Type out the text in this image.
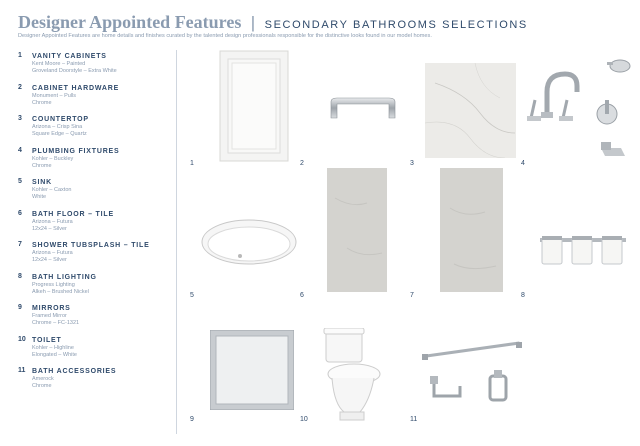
Designer Appointed Features | SECONDARY BATHROOMS SELECTIONS
Designer Appointed Features are home details and finishes curated by the talented design professionals responsible for the distinctive looks found in our model homes.
1 VANITY CABINETS
Kent Moore – Painted
Groveland Doorstyle – Extra White
2 CABINET HARDWARE
Monument – Pulls
Chrome
3 COUNTERTOP
Arizona – Crisp Sina
Square Edge – Quartz
4 PLUMBING FIXTURES
Kohler – Buckley
Chrome
5 SINK
Kohler – Caxton
White
6 BATH FLOOR – TILE
Arizona – Futura
12x24 – Silver
7 SHOWER TUBSPLASH – TILE
Arizona – Futura
12x24 – Silver
8 BATH LIGHTING
Progress Lighting
Alkeh – Brushed Nickel
9 MIRRORS
Framed Mirror
Chrome – FC-1321
10 TOILET
Kohler – Highline
Elongated – White
11 BATH ACCESSORIES
Amerock
Chrome
1	2	3	4
5	6	7	8
9	10	11
